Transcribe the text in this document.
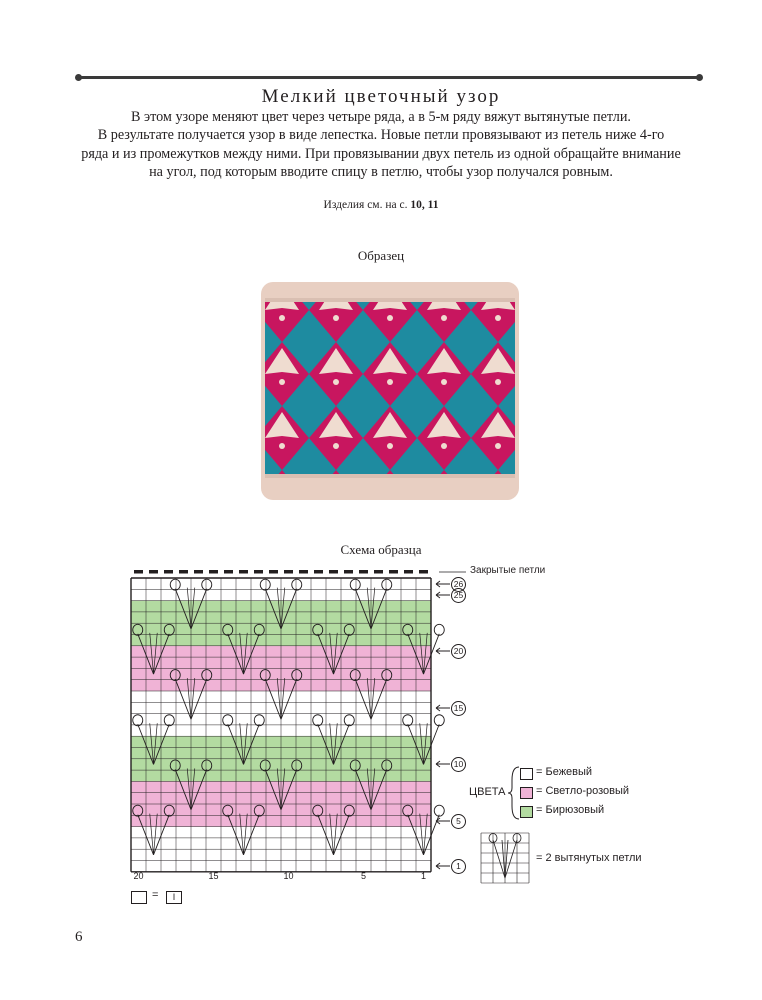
Мелкий цветочный узор
В этом узоре меняют цвет через четыре ряда, а в 5-м ряду вяжут вытянутые петли.
В результате получается узор в виде лепестка. Новые петли провязывают из петель ниже 4-го
ряда и из промежутков между ними. При провязывании двух петель из одной обращайте внимание
на угол, под которым вводите спицу в петлю, чтобы узор получался ровным.
Изделия см. на с. 10, 11
Образец
Схема образца
Закрытые петли
26
25
20
15
10
5
1
20	15	10	5	1
ЦВЕТА
= Бежевый
= Светло-розовый
= Бирюзовый
= 2 вытянутых петли
=	I
6
